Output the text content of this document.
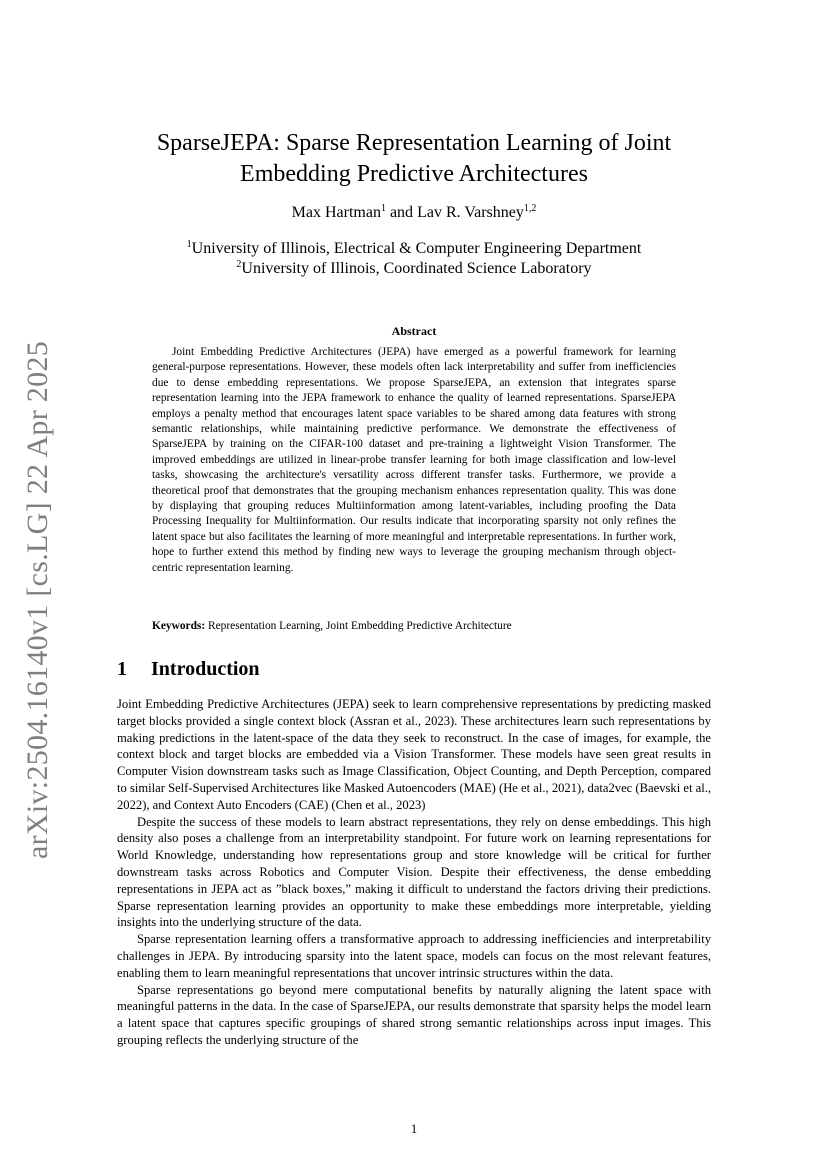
arXiv:2504.16140v1 [cs.LG] 22 Apr 2025
SparseJEPA: Sparse Representation Learning of Joint
Embedding Predictive Architectures
Max Hartman$^1$ and Lav R. Varshney$^{1,2}$
$^1$University of Illinois, Electrical & Computer Engineering Department
$^2$University of Illinois, Coordinated Science Laboratory
Abstract

Joint Embedding Predictive Architectures (JEPA) have emerged as a powerful framework for learning general-purpose representations. However, these models often lack interpretability and suffer from inefficiencies due to dense embedding representations. We propose SparseJEPA, an extension that integrates sparse representation learning into the JEPA framework to enhance the quality of learned representations. SparseJEPA employs a penalty method that encourages latent space variables to be shared among data features with strong semantic relationships, while maintaining predictive performance. We demonstrate the effectiveness of SparseJEPA by training on the CIFAR-100 dataset and pre-training a lightweight Vision Transformer. The improved embeddings are utilized in linear-probe transfer learning for both image classification and low-level tasks, showcasing the architecture's versatility across different transfer tasks. Furthermore, we provide a theoretical proof that demonstrates that the grouping mechanism enhances representation quality. This was done by displaying that grouping reduces Multiinformation among latent-variables, including proofing the Data Processing Inequality for Multiinformation. Our results indicate that incorporating sparsity not only refines the latent space but also facilitates the learning of more meaningful and interpretable representations. In further work, hope to further extend this method by finding new ways to leverage the grouping mechanism through object-centric representation learning.

Keywords: Representation Learning, Joint Embedding Predictive Architecture
1 Introduction

Joint Embedding Predictive Architectures (JEPA) seek to learn comprehensive representations by predicting masked target blocks provided a single context block (Assran et al., 2023). These architectures learn such representations by making predictions in the latent-space of the data they seek to reconstruct. In the case of images, for example, the context block and target blocks are embedded via a Vision Transformer. These models have seen great results in Computer Vision downstream tasks such as Image Classification, Object Counting, and Depth Perception, compared to similar Self-Supervised Architectures like Masked Autoencoders (MAE) (He et al., 2021), data2vec (Baevski et al., 2022), and Context Auto Encoders (CAE) (Chen et al., 2023)

Despite the success of these models to learn abstract representations, they rely on dense embeddings. This high density also poses a challenge from an interpretability standpoint. For future work on learning representations for World Knowledge, understanding how representations group and store knowledge will be critical for further downstream tasks across Robotics and Computer Vision. Despite their effectiveness, the dense embedding representations in JEPA act as ”black boxes,” making it difficult to understand the factors driving their predictions. Sparse representation learning provides an opportunity to make these embeddings more interpretable, yielding insights into the underlying structure of the data.

Sparse representation learning offers a transformative approach to addressing inefficiencies and interpretability challenges in JEPA. By introducing sparsity into the latent space, models can focus on the most relevant features, enabling them to learn meaningful representations that uncover intrinsic structures within the data.

Sparse representations go beyond mere computational benefits by naturally aligning the latent space with meaningful patterns in the data. In the case of SparseJEPA, our results demonstrate that sparsity helps the model learn a latent space that captures specific groupings of shared strong semantic relationships across input images. This grouping reflects the underlying structure of the

1
